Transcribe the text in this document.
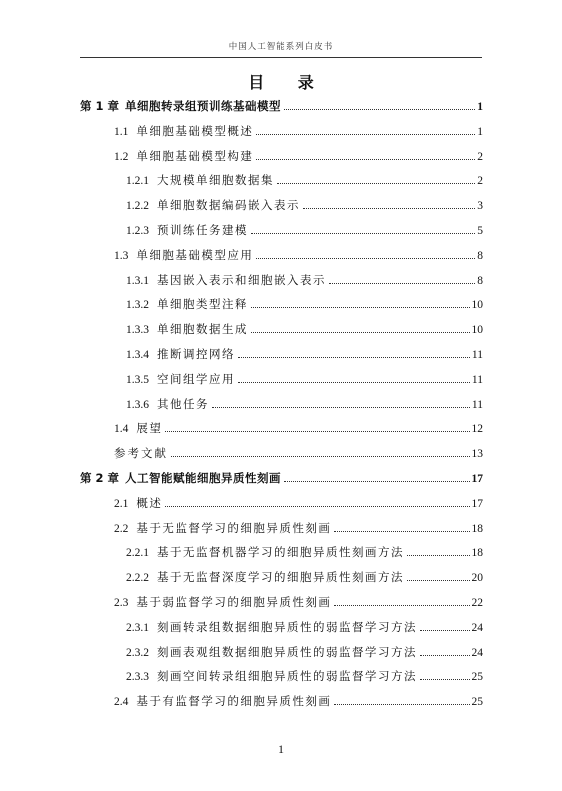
中国人工智能系列白皮书
目 录
第 1 章 单细胞转录组预训练基础模型	1
1.1 单细胞基础模型概述	1
1.2 单细胞基础模型构建	2
1.2.1 大规模单细胞数据集	2
1.2.2 单细胞数据编码嵌入表示	3
1.2.3 预训练任务建模	5
1.3 单细胞基础模型应用	8
1.3.1 基因嵌入表示和细胞嵌入表示	8
1.3.2 单细胞类型注释	10
1.3.3 单细胞数据生成	10
1.3.4 推断调控网络	11
1.3.5 空间组学应用	11
1.3.6 其他任务	11
1.4 展望	12
参考文献	13
第 2 章 人工智能赋能细胞异质性刻画	17
2.1 概述	17
2.2 基于无监督学习的细胞异质性刻画	18
2.2.1 基于无监督机器学习的细胞异质性刻画方法	18
2.2.2 基于无监督深度学习的细胞异质性刻画方法	20
2.3 基于弱监督学习的细胞异质性刻画	22
2.3.1 刻画转录组数据细胞异质性的弱监督学习方法	24
2.3.2 刻画表观组数据细胞异质性的弱监督学习方法	24
2.3.3 刻画空间转录组细胞异质性的弱监督学习方法	25
2.4 基于有监督学习的细胞异质性刻画	25
1
